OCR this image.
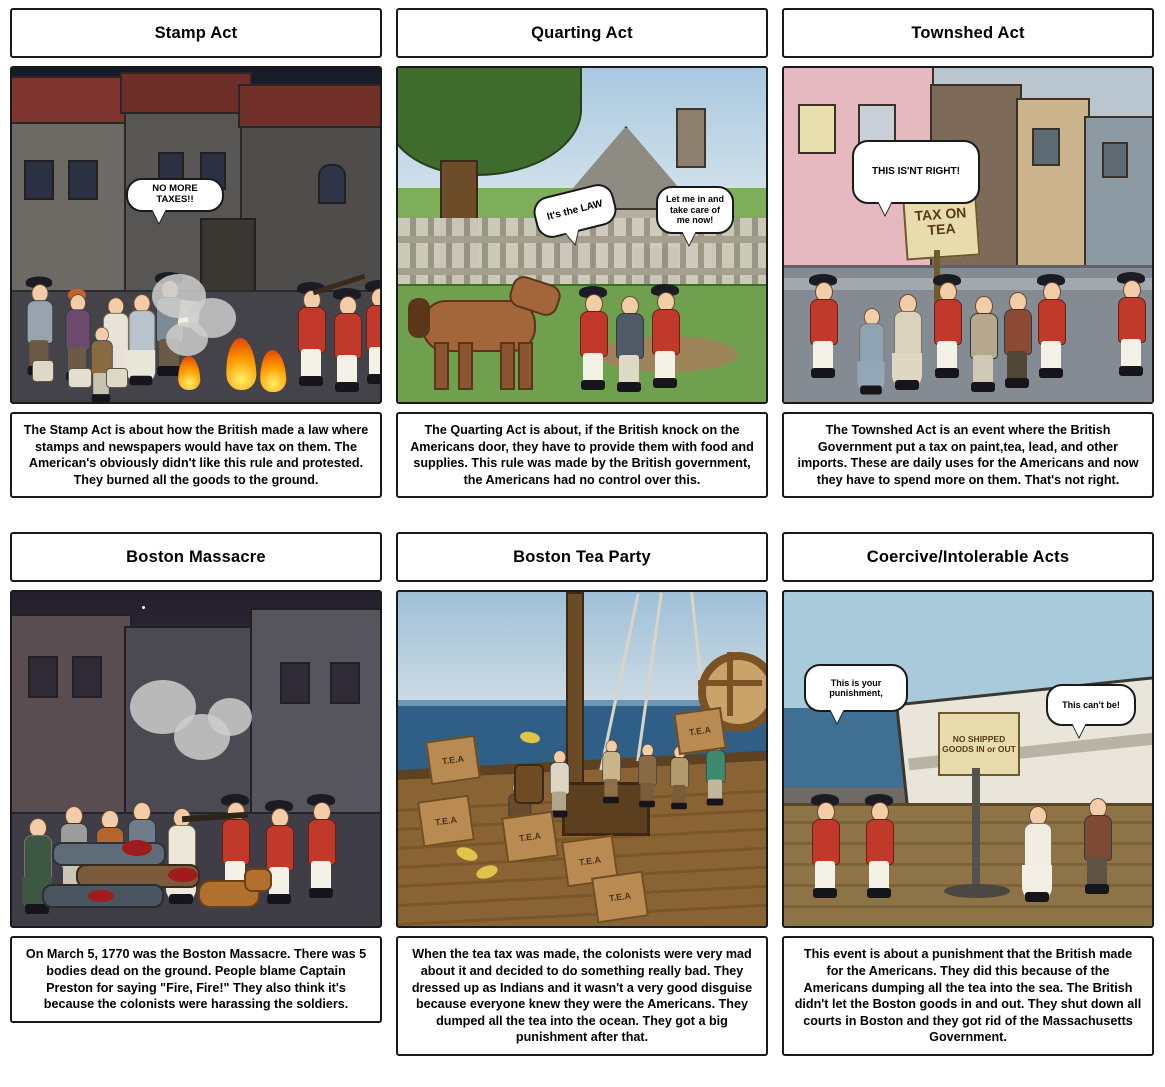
Stamp Act
NO MORE TAXES!!
The Stamp Act is about how the British made a law where stamps and newspapers would have tax on them. The American's obviously didn't like this rule and protested. They burned all the goods to the ground.
Quarting Act
It's the LAW	Let me in and take care of me now!
The Quarting Act is about, if the British knock on the Americans door, they have to provide them with food and supplies. This rule was made by the British government, the Americans had no control over this.
Townshed Act
TAX ON TEA
THIS IS'NT RIGHT!
The Townshed Act is an event where the British Government put a tax on paint,tea, lead, and other imports. These are daily uses for the Americans and now they have to spend more on them. That's not right.
Boston Massacre
On March 5, 1770 was the Boston Massacre. There was 5 bodies dead on the ground. People blame Captain Preston for saying "Fire, Fire!" They also think it's because the colonists were harassing the soldiers.
Boston Tea Party
T.E.A
T.E.A
T.E.A
T.E.A
T.E.A
T.E.A
When the tea tax was made, the colonists were very mad about it and decided to do something really bad. They dressed up as Indians and it wasn't a very good disguise because everyone knew they were the Americans. They dumped all the tea into the ocean. They got a big punishment after that.
Coercive/Intolerable Acts
NO SHIPPED GOODS IN or OUT
This is your punishment,
This can't be!
This event is about a punishment that the British made for the Americans. They did this because of the Americans dumping all the tea into the sea. The British didn't let the Boston goods in and out. They shut down all courts in Boston and they got rid of the Massachusetts Government.
